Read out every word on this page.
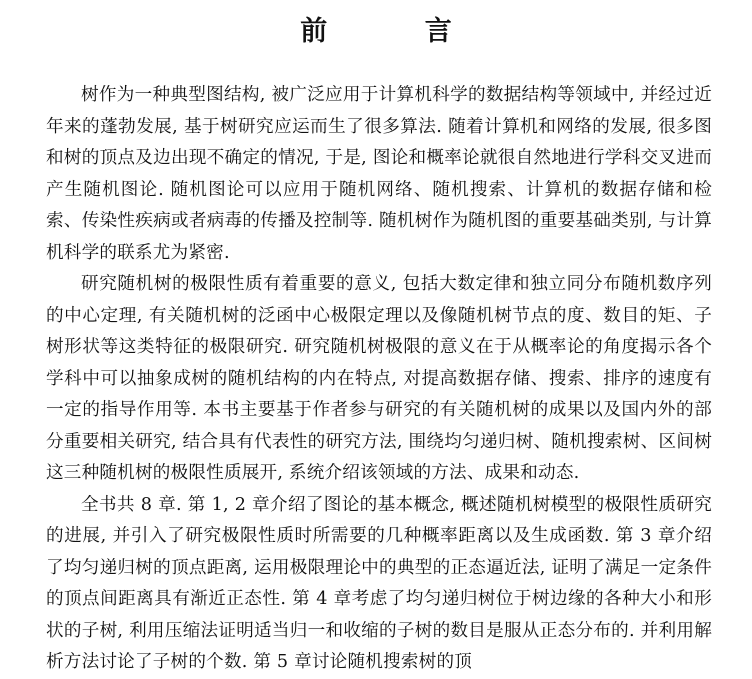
前 言

树作为一种典型图结构, 被广泛应用于计算机科学的数据结构等领域中, 并经过近年来的蓬勃发展, 基于树研究应运而生了很多算法. 随着计算机和网络的发展, 很多图和树的顶点及边出现不确定的情况, 于是, 图论和概率论就很自然地进行学科交叉进而产生随机图论. 随机图论可以应用于随机网络、随机搜索、计算机的数据存储和检索、传染性疾病或者病毒的传播及控制等. 随机树作为随机图的重要基础类别, 与计算机科学的联系尤为紧密.

研究随机树的极限性质有着重要的意义, 包括大数定律和独立同分布随机数序列的中心定理, 有关随机树的泛函中心极限定理以及像随机树节点的度、数目的矩、子树形状等这类特征的极限研究. 研究随机树极限的意义在于从概率论的角度揭示各个学科中可以抽象成树的随机结构的内在特点, 对提高数据存储、搜索、排序的速度有一定的指导作用等. 本书主要基于作者参与研究的有关随机树的成果以及国内外的部分重要相关研究, 结合具有代表性的研究方法, 围绕均匀递归树、随机搜索树、区间树这三种随机树的极限性质展开, 系统介绍该领域的方法、成果和动态.

全书共 8 章. 第 1, 2 章介绍了图论的基本概念, 概述随机树模型的极限性质研究的进展, 并引入了研究极限性质时所需要的几种概率距离以及生成函数. 第 3 章介绍了均匀递归树的顶点距离, 运用极限理论中的典型的正态逼近法, 证明了满足一定条件的顶点间距离具有渐近正态性. 第 4 章考虑了均匀递归树位于树边缘的各种大小和形状的子树, 利用压缩法证明适当归一和收缩的子树的数目是服从正态分布的. 并利用解析方法讨论了子树的个数. 第 5 章讨论随机搜索树的顶
